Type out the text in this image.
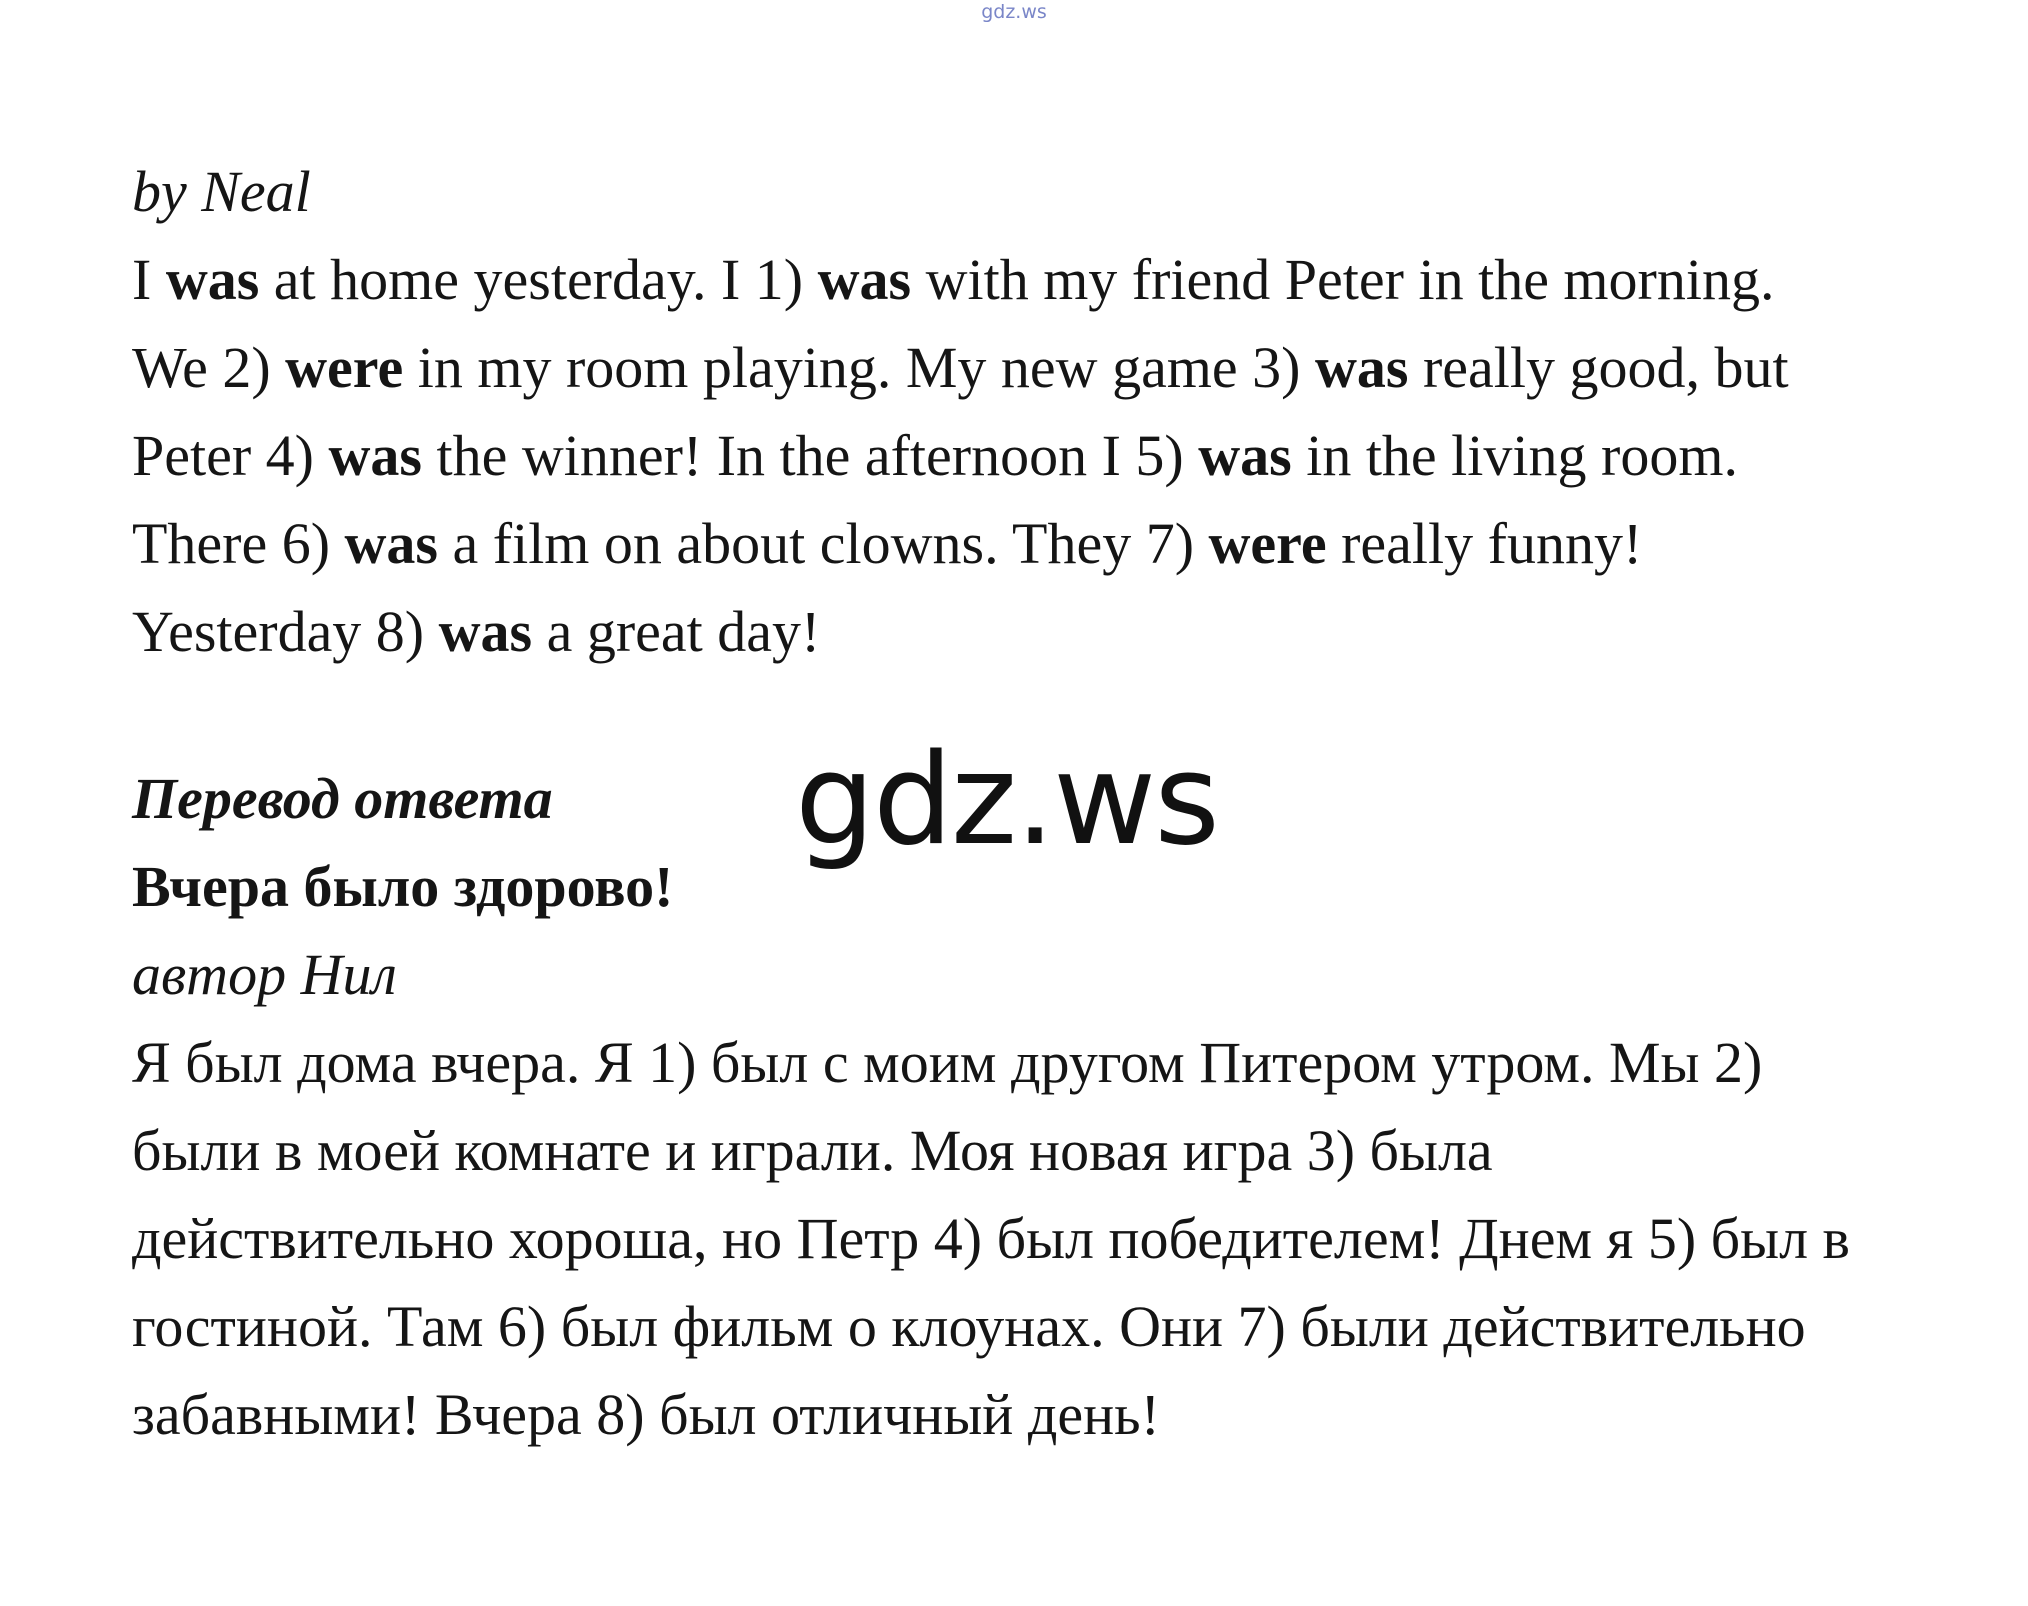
gdz.ws
by Neal
I was at home yesterday. I 1) was with my friend Peter in the morning.
We 2) were in my room playing. My new game 3) was really good, but
Peter 4) was the winner! In the afternoon I 5) was in the living room.
There 6) was a film on about clowns. They 7) were really funny!
Yesterday 8) was a great day!
Перевод ответа
Вчера было здорово!
автор Нил
Я был дома вчера. Я 1) был с моим другом Питером утром. Мы 2)
были в моей комнате и играли. Моя новая игра 3) была
действительно хороша, но Петр 4) был победителем! Днем я 5) был в
гостиной. Там 6) был фильм о клоунах. Они 7) были действительно
забавными! Вчера 8) был отличный день!
gdz.ws
